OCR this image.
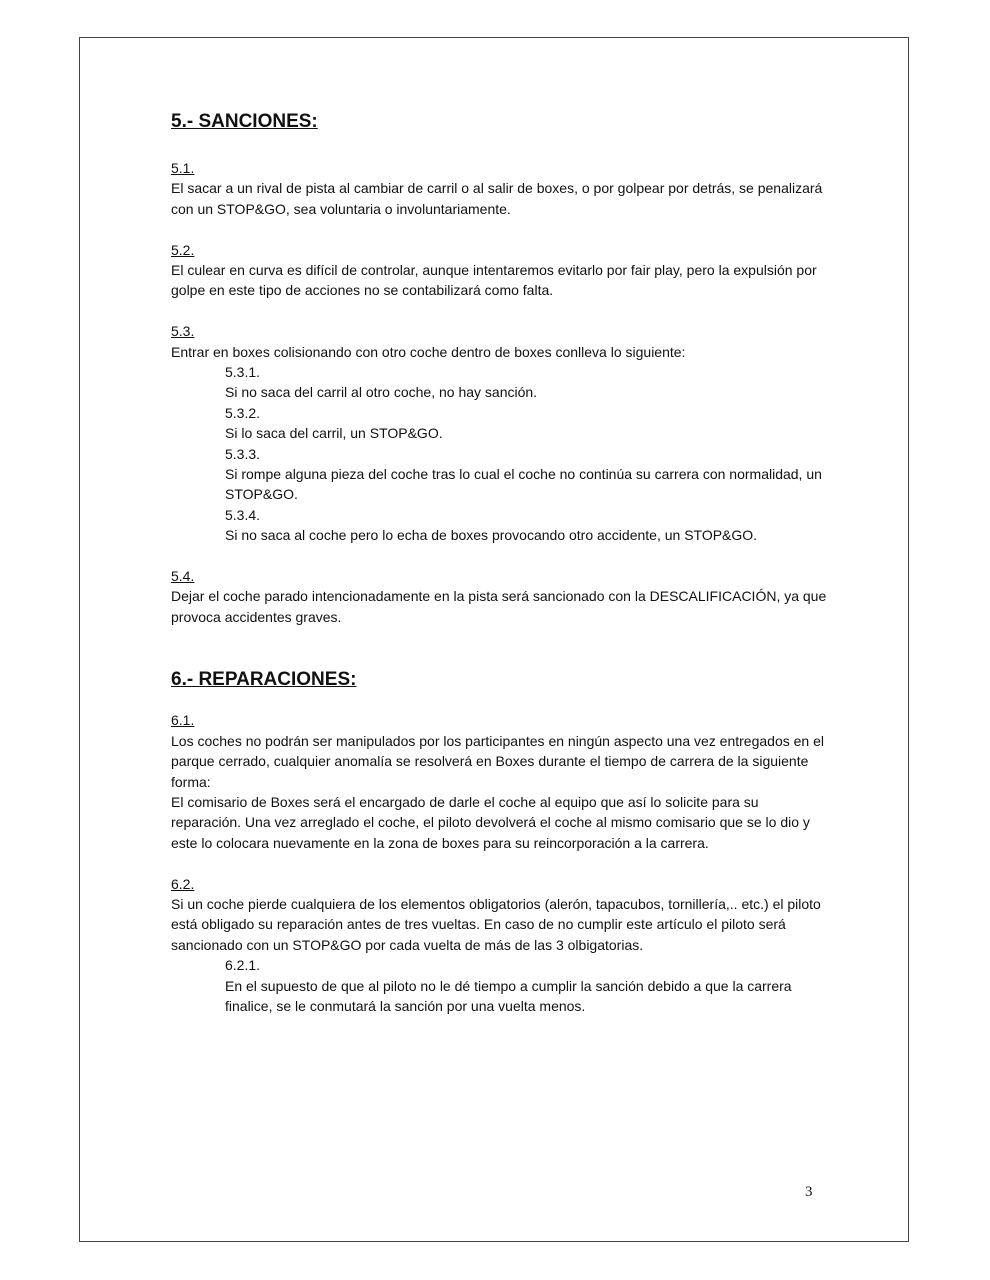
5.- SANCIONES:
5.1.
El sacar a un rival de pista al cambiar de carril o al salir de boxes, o por golpear por detrás, se penalizará con un STOP&GO, sea voluntaria o involuntariamente.
5.2.
El culear en curva es difícil de controlar, aunque intentaremos evitarlo por fair play, pero la expulsión por golpe en este tipo de acciones no se contabilizará como falta.
5.3.
Entrar en boxes colisionando con otro coche dentro de boxes conlleva lo siguiente:
5.3.1.
Si no saca del carril al otro coche, no hay sanción.
5.3.2.
Si lo saca del carril, un STOP&GO.
5.3.3.
Si rompe alguna pieza del coche tras lo cual el coche no continúa su carrera con normalidad, un STOP&GO.
5.3.4.
Si no saca al coche pero lo echa de boxes provocando otro accidente, un STOP&GO.
5.4.
Dejar el coche parado intencionadamente en la pista será sancionado con la DESCALIFICACIÓN, ya que provoca accidentes graves.
6.- REPARACIONES:
6.1.
Los coches no podrán ser manipulados por los participantes en ningún aspecto una vez entregados en el parque cerrado, cualquier anomalía se resolverá en Boxes durante el tiempo de carrera de la siguiente forma:
El comisario de Boxes será el encargado de darle el coche al equipo que así lo solicite para su reparación. Una vez arreglado el coche, el piloto devolverá el coche al mismo comisario que se lo dio y este lo colocara nuevamente en la zona de boxes para su reincorporación a la carrera.
6.2.
Si un coche pierde cualquiera de los elementos obligatorios (alerón, tapacubos, tornillería,.. etc.) el piloto está obligado su reparación antes de tres vueltas. En caso de no cumplir este artículo el piloto será sancionado con un STOP&GO por cada vuelta de más de las 3 olbigatorias.
6.2.1.
En el supuesto de que al piloto no le dé tiempo a cumplir la sanción debido a que la carrera finalice, se le conmutará la sanción por una vuelta menos.
3
